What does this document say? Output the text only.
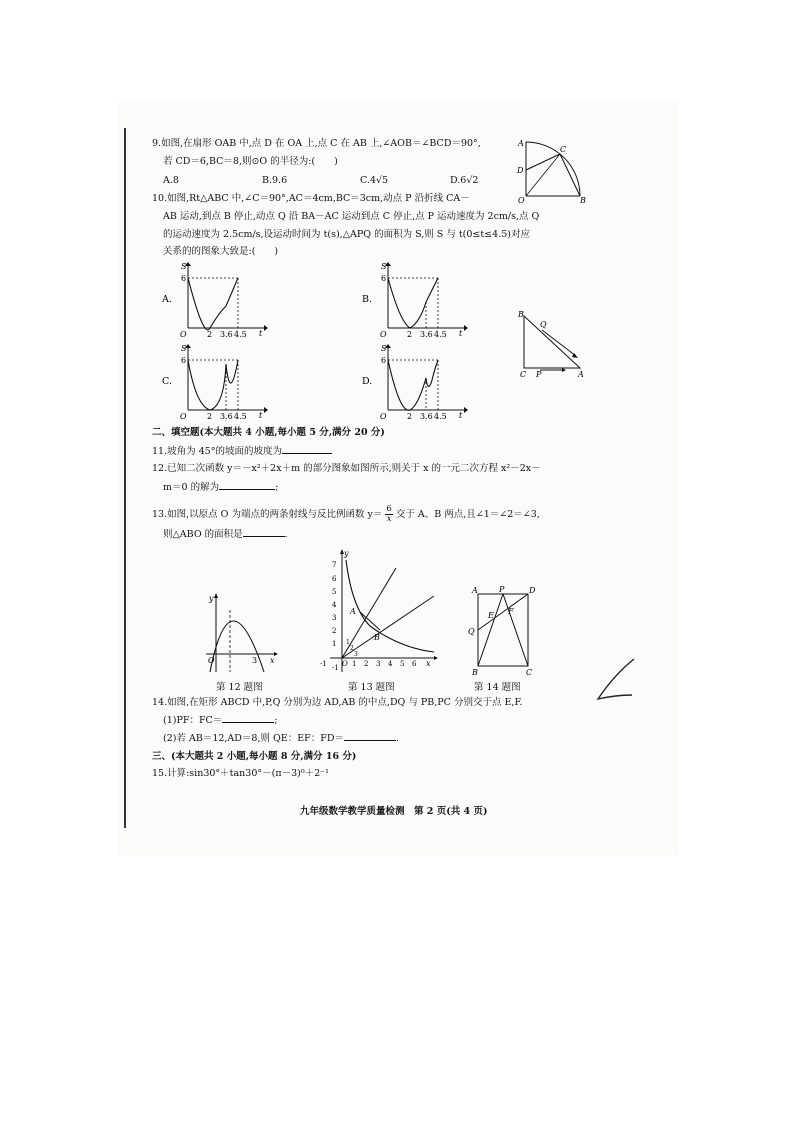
9.如图,在扇形 OAB 中,点 D 在 OA 上,点 C 在 AB 上,∠AOB＝∠BCD＝90°,
若 CD＝6,BC＝8,则⊙O 的半径为:(　　)
A.8	B.9.6	C.4√5	D.6√2
A
C
D
O	B
10.如图,Rt△ABC 中,∠C＝90°,AC＝4cm,BC＝3cm,动点 P 沿折线 CA－
AB 运动,到点 B 停止,动点 Q 沿 BA－AC 运动到点 C 停止,点 P 运动速度为 2cm/s,点 Q
的运动速度为 2.5cm/s,设运动时间为 t(s),△APQ 的面积为 S,则 S 与 t(0≤t≤4.5)对应
关系的的图象大致是:(　　)
A.
S
6
O	2 3.6 4.5 t
B.
S
6
O	2 3.6 4.5 t
C.
S
6
O	2 3.6 4.5 t
D.
S
6
O	2 3.6 4.5 t
B
Q
C P	A
二、填空题(本大题共 4 小题,每小题 5 分,满分 20 分)
11.坡角为 45°的坡面的坡度为
12.已知二次函数 y＝－x²＋2x＋m 的部分图象如图所示,则关于 x 的一元二次方程 x²－2x－
m＝0 的解为	;
13.如图,以原点 O 为端点的两条射线与反比例函数 $y= \frac{6}{x}$ 交于 A、B 两点,且∠1＝∠2＝∠3,
则△ABO 的面积是	.
y
O	3 x
第 12 题图
7
6
5
4
3
2
1
-1
-1	1 2 3 4 5 6
y
x
O
A
B
1
2
3
第 13 题图
A	P	D
E F
Q
B	C
第 14 题图
14.如图,在矩形 ABCD 中,P,Q 分别为边 AD,AB 的中点,DQ 与 PB,PC 分别交于点 E,F.
(1)PF：FC＝	;
(2)若 AB＝12,AD＝8,则 QE：EF：FD＝	.
三、(本大题共 2 小题,每小题 8 分,满分 16 分)
15.计算:sin30°＋tan30°－(π－3)⁰＋2⁻¹
九年级数学教学质量检测　第 2 页(共 4 页)
